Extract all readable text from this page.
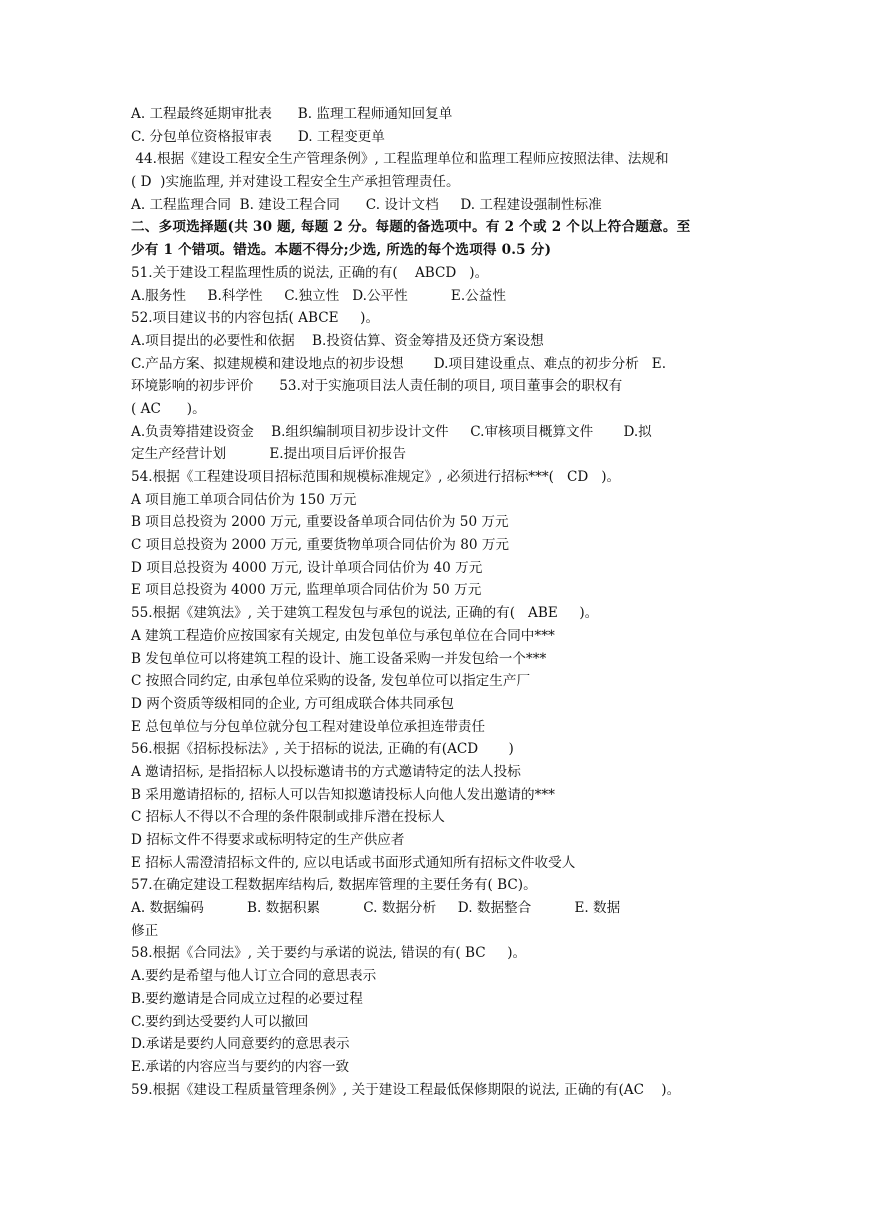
A. 工程最终延期审批表      B. 监理工程师通知回复单
C. 分包单位资格报审表      D. 工程变更单
44.根据《建设工程安全生产管理条例》, 工程监理单位和监理工程师应按照法律、法规和
( D  )实施监理, 并对建设工程安全生产承担管理责任。
A. 工程监理合同  B. 建设工程合同      C. 设计文档     D. 工程建设强制性标准
二、多项选择题(共 30 题, 每题 2 分。每题的备选项中。有 2 个或 2 个以上符合题意。至
少有 1 个错项。错选。本题不得分;少选, 所选的每个选项得 0.5 分)
51.关于建设工程监理性质的说法, 正确的有(    ABCD   )。
A.服务性     B.科学性     C.独立性   D.公平性          E.公益性
52.项目建议书的内容包括( ABCE     )。
A.项目提出的必要性和依据    B.投资估算、资金筹措及还贷方案设想
C.产品方案、拟建规模和建设地点的初步设想       D.项目建设重点、难点的初步分析   E.
环境影响的初步评价      53.对于实施项目法人责任制的项目, 项目董事会的职权有
( AC      )。
A.负责筹措建设资金    B.组织编制项目初步设计文件     C.审核项目概算文件       D.拟
定生产经营计划          E.提出项目后评价报告
54.根据《工程建设项目招标范围和规模标准规定》, 必须进行招标***(   CD   )。
A 项目施工单项合同估价为 150 万元
B 项目总投资为 2000 万元, 重要设备单项合同估价为 50 万元
C 项目总投资为 2000 万元, 重要货物单项合同估价为 80 万元
D 项目总投资为 4000 万元, 设计单项合同估价为 40 万元
E 项目总投资为 4000 万元, 监理单项合同估价为 50 万元
55.根据《建筑法》, 关于建筑工程发包与承包的说法, 正确的有(   ABE     )。
A 建筑工程造价应按国家有关规定, 由发包单位与承包单位在合同中***
B 发包单位可以将建筑工程的设计、施工设备采购一并发包给一个***
C 按照合同约定, 由承包单位采购的设备, 发包单位可以指定生产厂
D 两个资质等级相同的企业, 方可组成联合体共同承包
E 总包单位与分包单位就分包工程对建设单位承担连带责任
56.根据《招标投标法》, 关于招标的说法, 正确的有(ACD       )
A 邀请招标, 是指招标人以投标邀请书的方式邀请特定的法人投标
B 采用邀请招标的, 招标人可以告知拟邀请投标人向他人发出邀请的***
C 招标人不得以不合理的条件限制或排斥潜在投标人
D 招标文件不得要求或标明特定的生产供应者
E 招标人需澄清招标文件的, 应以电话或书面形式通知所有招标文件收受人
57.在确定建设工程数据库结构后, 数据库管理的主要任务有( BC)。
A. 数据编码          B. 数据积累          C. 数据分析     D. 数据整合          E. 数据
修正
58.根据《合同法》, 关于要约与承诺的说法, 错误的有( BC     )。
A.要约是希望与他人订立合同的意思表示
B.要约邀请是合同成立过程的必要过程
C.要约到达受要约人可以撤回
D.承诺是要约人同意要约的意思表示
E.承诺的内容应当与要约的内容一致
59.根据《建设工程质量管理条例》, 关于建设工程最低保修期限的说法, 正确的有(AC    )。
